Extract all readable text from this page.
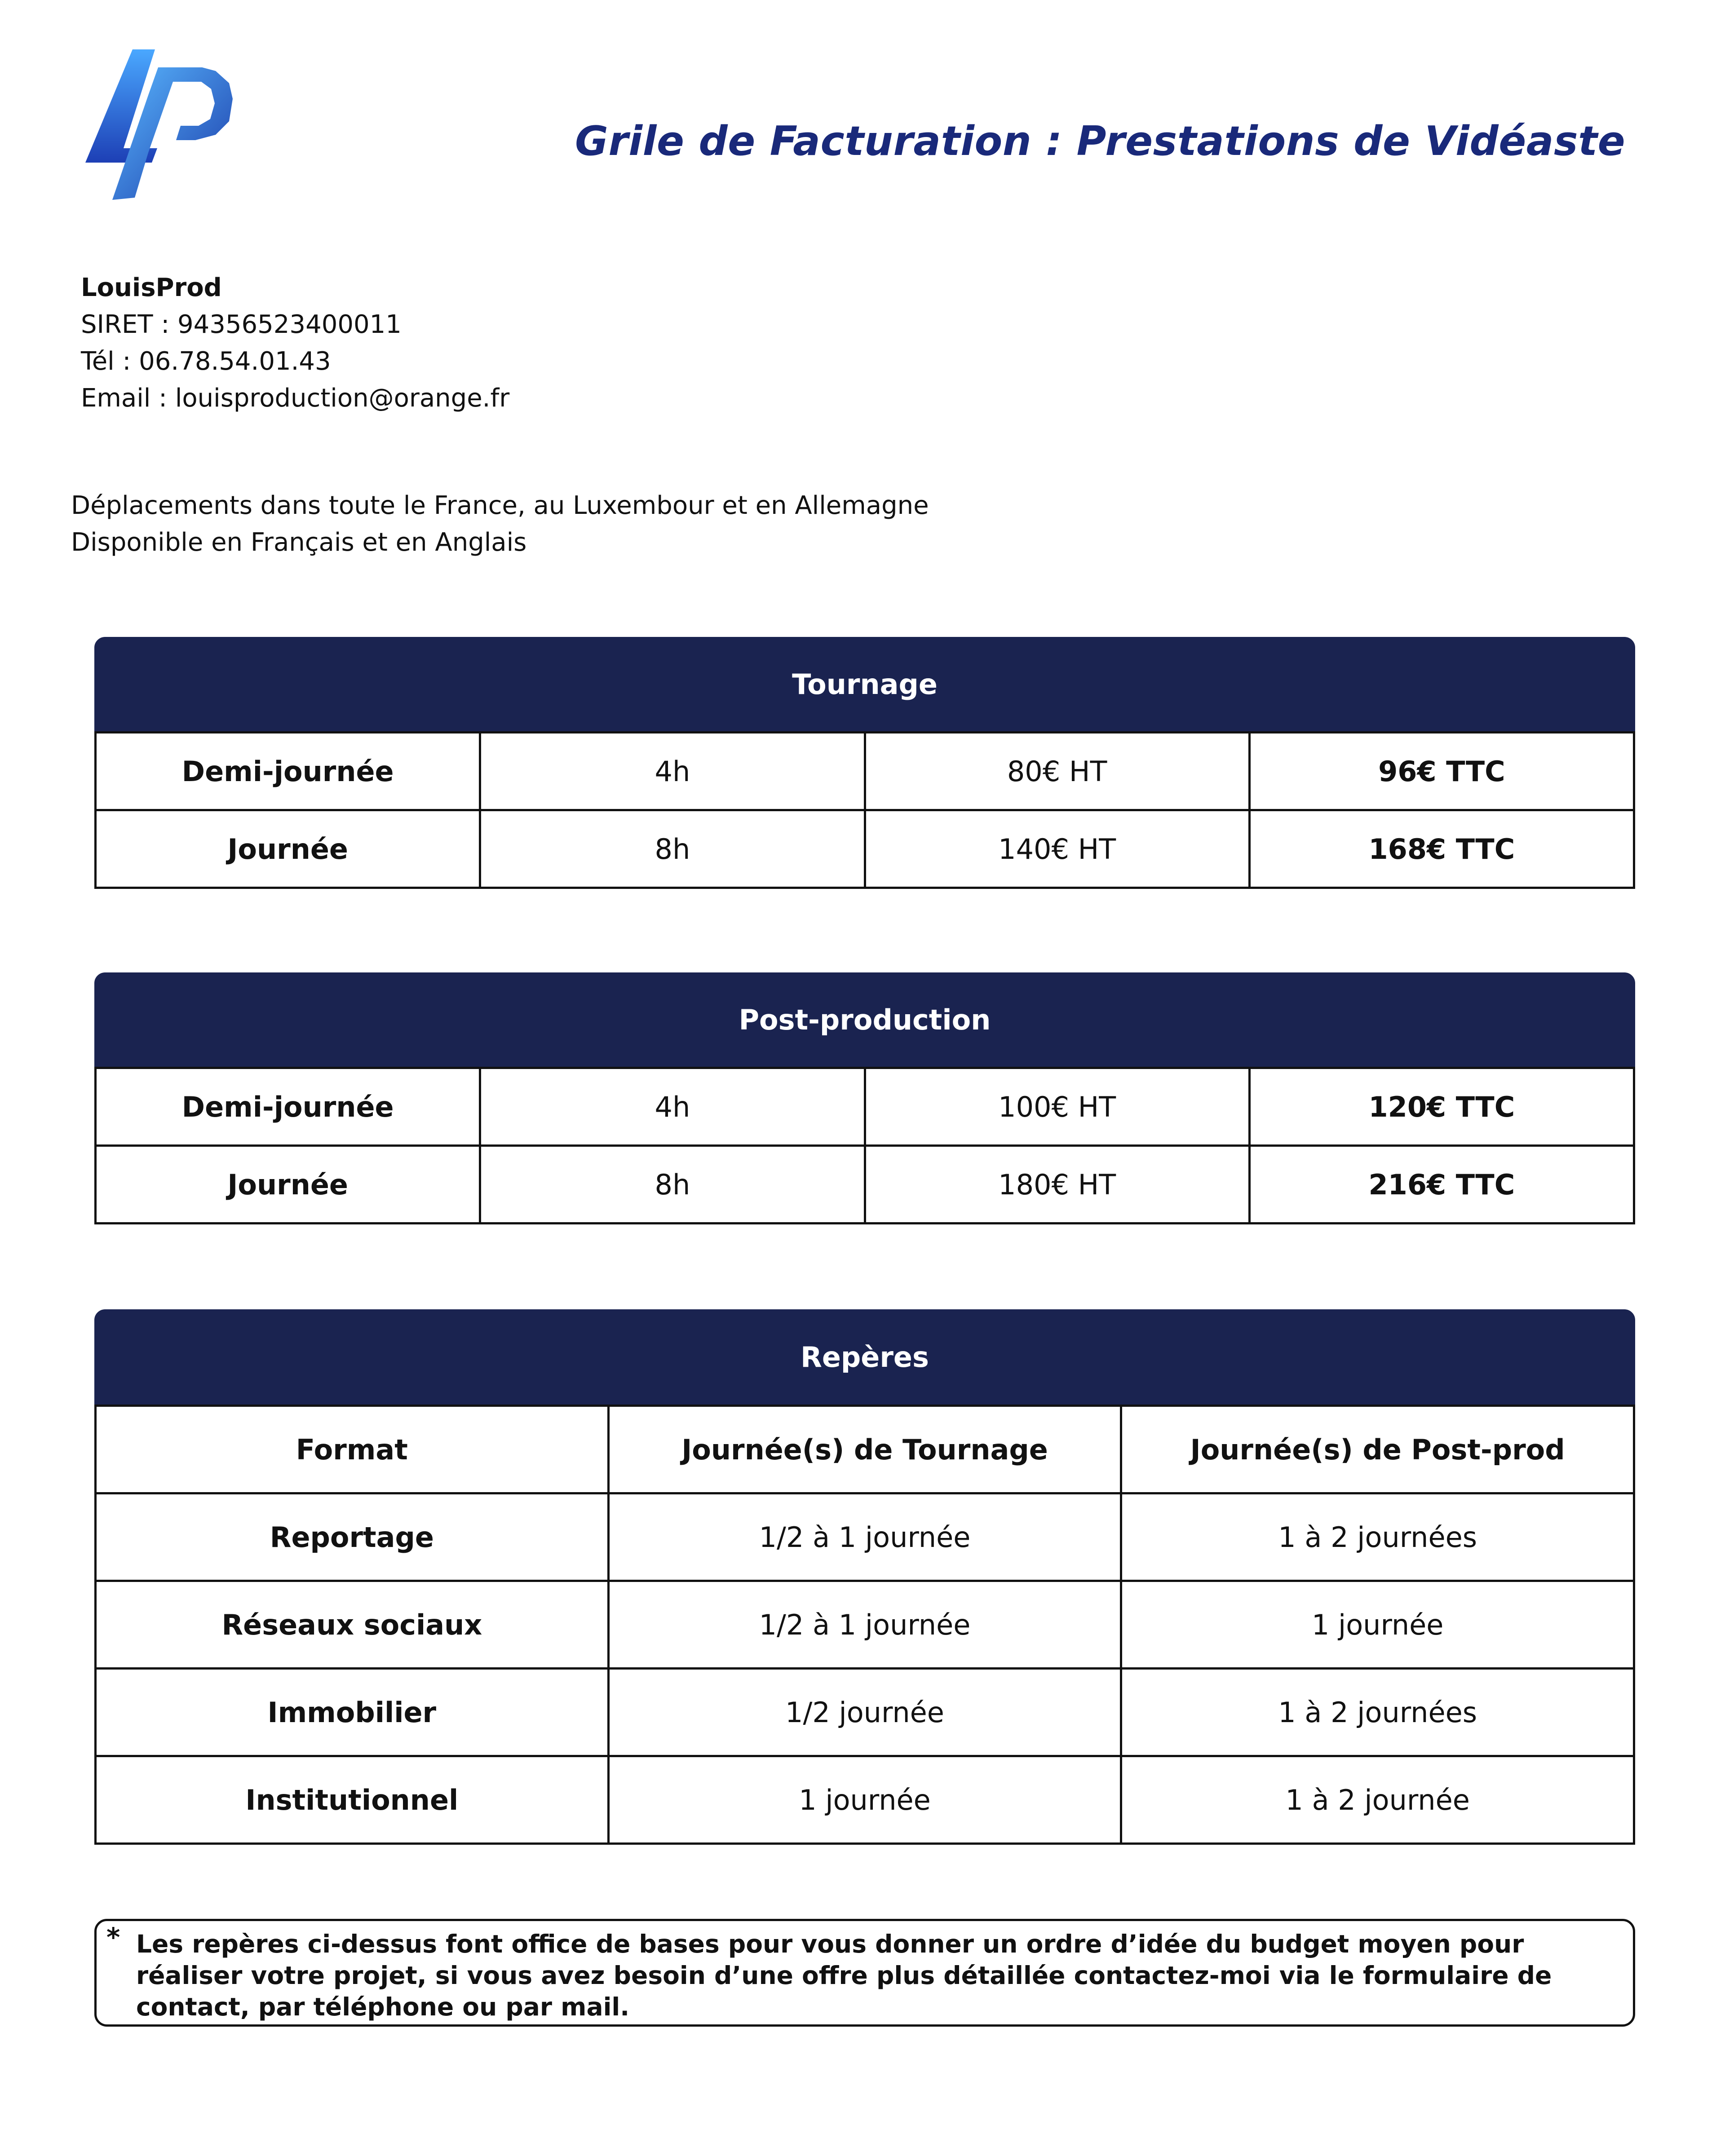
Grile de Facturation : Prestations de Vidéaste
LouisProd
SIRET : 94356523400011
Tél : 06.78.54.01.43
Email : louisproduction@orange.fr
Déplacements dans toute le France, au Luxembour et en Allemagne
Disponible en Français et en Anglais
Tournage
Demi-journée	4h	80€ HT	96€ TTC
Journée	8h	140€ HT	168€ TTC
Post-production
Demi-journée	4h	100€ HT	120€ TTC
Journée	8h	180€ HT	216€ TTC
Repères
Format	Journée(s) de Tournage	Journée(s) de Post-prod
Reportage	1/2 à 1 journée	1 à 2 journées
Réseaux sociaux	1/2 à 1 journée	1 journée
Immobilier	1/2 journée	1 à 2 journées
Institutionnel	1 journée	1 à 2 journée
* Les repères ci-dessus font office de bases pour vous donner un ordre d’idée du budget moyen pour réaliser votre projet, si vous avez besoin d’une offre plus détaillée contactez-moi via le formulaire de contact, par téléphone ou par mail.
